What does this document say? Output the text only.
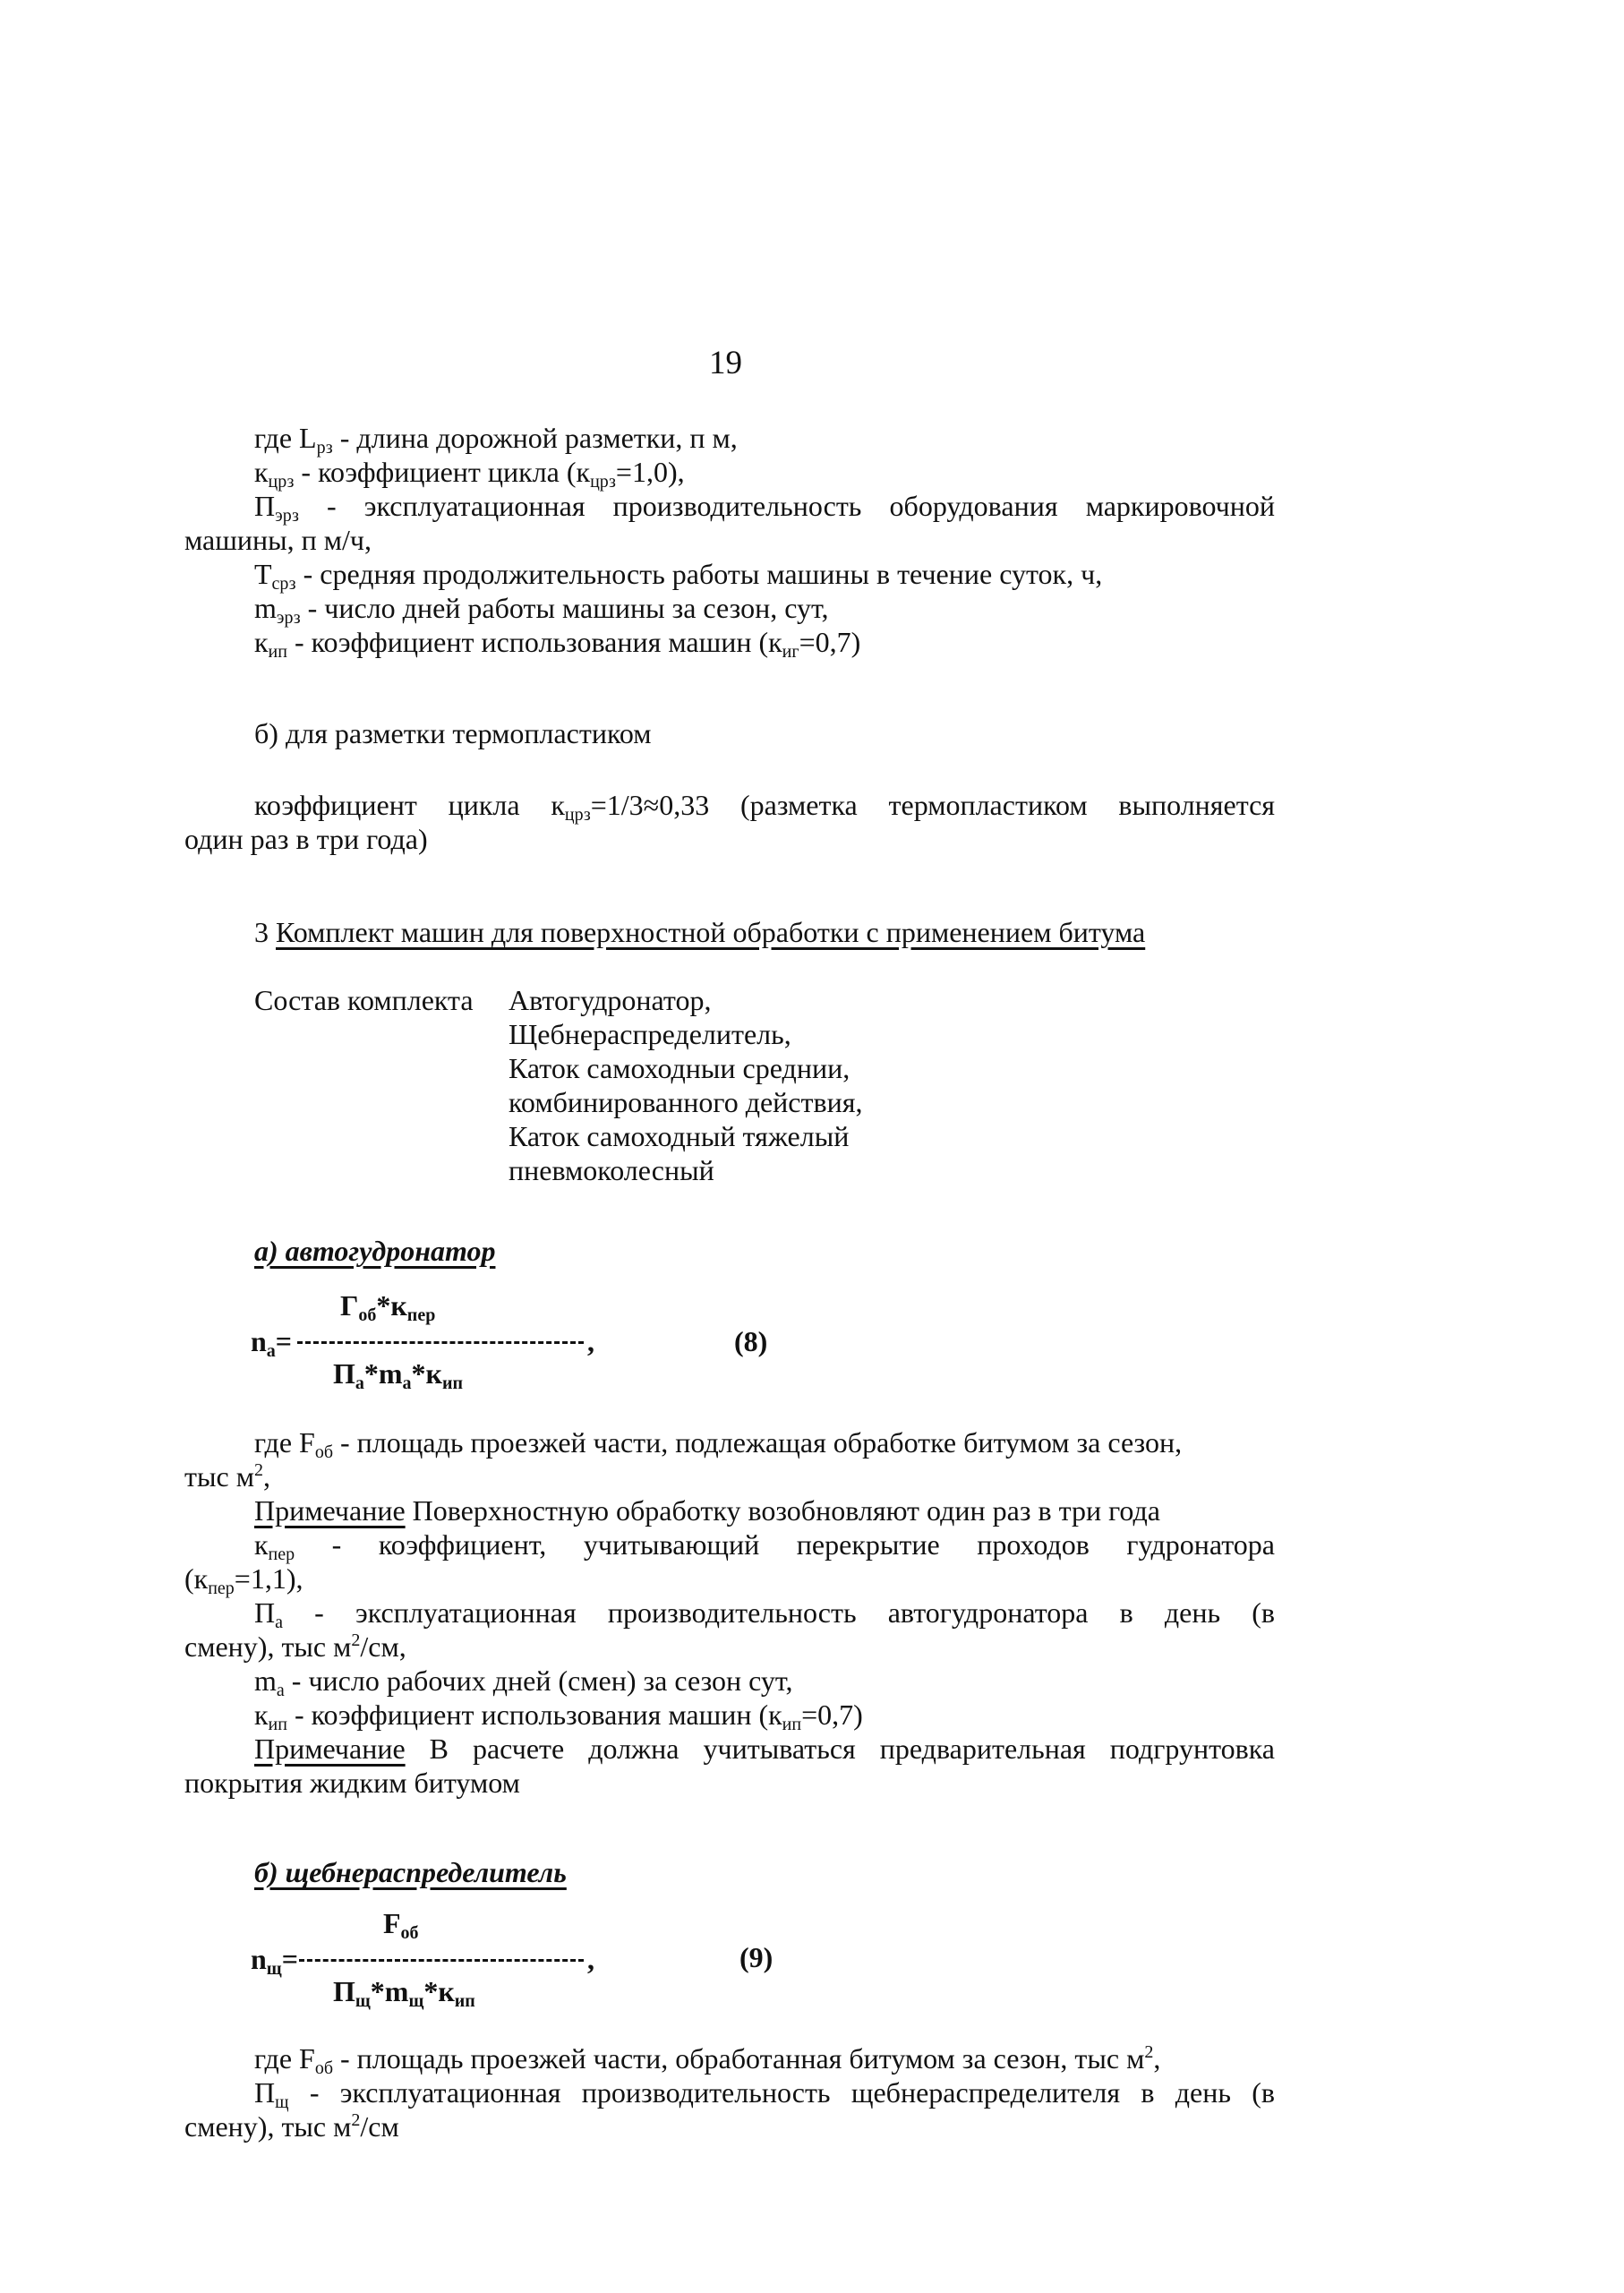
19
где $L_{рз}$ - длина дорожной разметки, п м,
$к_{црз}$ - коэффициент цикла $(к_{црз}=1,0)$,
$П_{эрз}$ - эксплуатационная производительность оборудования маркировочной
машины, п м/ч,
$Т_{срз}$ - средняя продолжительность работы машины в течение суток, ч,
$m_{эрз}$ - число дней работы машины за сезон, сут,
$к_{ип}$ - коэффициент использования машин $(к_{иг}=0,7)$
б) для разметки термопластиком
коэффициент цикла $к_{црз}=1/3\approx 0,33$ (разметка термопластиком выполняется
один раз в три года)
3 Комплект машин для поверхностной обработки с применением битума
Состав комплекта Автогудронатор,
Щебнераспределитель,
Каток самоходныи среднии,
комбинированного действия,
Каток самоходный тяжелый
пневмоколесный
а) автогудронатор
$Г_{об}*к_{пер}$
$n_а=$	,
$П_а*m_а*к_{ип}$
(8)
где $F_{об}$ - площадь проезжей части, подлежащая обработке битумом за сезон,
тыс $м^2$,
Примечание Поверхностную обработку возобновляют один раз в три года
$к_{пер}$ - коэффициент, учитывающий перекрытие проходов гудронатора
$(к_{пер}=1,1)$,
$П_а$ - эксплуатационная производительность автогудронатора в день (в
смену), тыс $м^2/см$,
$m_а$ - число рабочих дней (смен) за сезон сут,
$к_{ип}$ - коэффициент использования машин $(к_{ип}=0,7)$
Примечание В расчете должна учитываться предварительная подгрунтовка
покрытия жидким битумом
б) щебнераспределитель
$F_{об}$
$n_щ=$	,
$П_щ*m_щ*к_{ип}$
(9)
где $F_{об}$ - площадь проезжей части, обработанная битумом за сезон, тыс $м^2$,
$П_щ$ - эксплуатационная производительность щебнераспределителя в день (в
смену), тыс $м^2/см$
